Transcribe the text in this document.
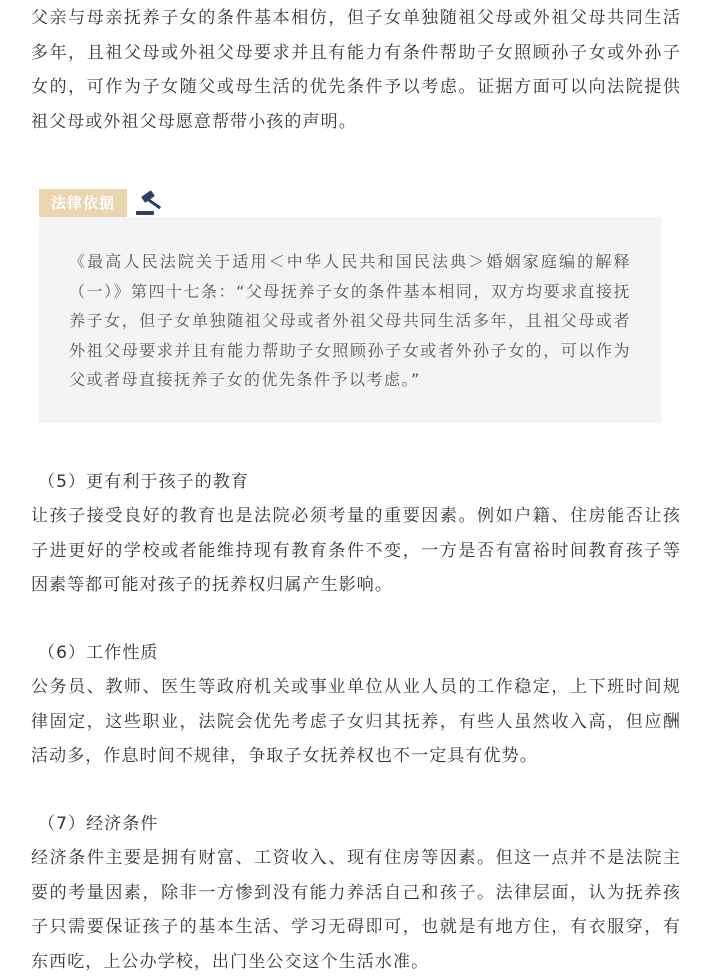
父亲与母亲抚养子女的条件基本相仿，但子女单独随祖父母或外祖父母共同生活多年，且祖父母或外祖父母要求并且有能力有条件帮助子女照顾孙子女或外孙子女的，可作为子女随父或母生活的优先条件予以考虑。证据方面可以向法院提供祖父母或外祖父母愿意帮带小孩的声明。

法律依据

《最高人民法院关于适用＜中华人民共和国民法典＞婚姻家庭编的解释（一）》第四十七条：“父母抚养子女的条件基本相同，双方均要求直接抚养子女，但子女单独随祖父母或者外祖父母共同生活多年，且祖父母或者外祖父母要求并且有能力帮助子女照顾孙子女或者外孙子女的，可以作为父或者母直接抚养子女的优先条件予以考虑。”

（5）更有利于孩子的教育

让孩子接受良好的教育也是法院必须考量的重要因素。例如户籍、住房能否让孩子进更好的学校或者能维持现有教育条件不变，一方是否有富裕时间教育孩子等因素等都可能对孩子的抚养权归属产生影响。

（6）工作性质

公务员、教师、医生等政府机关或事业单位从业人员的工作稳定，上下班时间规律固定，这些职业，法院会优先考虑子女归其抚养，有些人虽然收入高，但应酬活动多，作息时间不规律，争取子女抚养权也不一定具有优势。

（7）经济条件

经济条件主要是拥有财富、工资收入、现有住房等因素。但这一点并不是法院主要的考量因素，除非一方惨到没有能力养活自己和孩子。法律层面，认为抚养孩子只需要保证孩子的基本生活、学习无碍即可，也就是有地方住，有衣服穿，有东西吃，上公办学校，出门坐公交这个生活水准。
